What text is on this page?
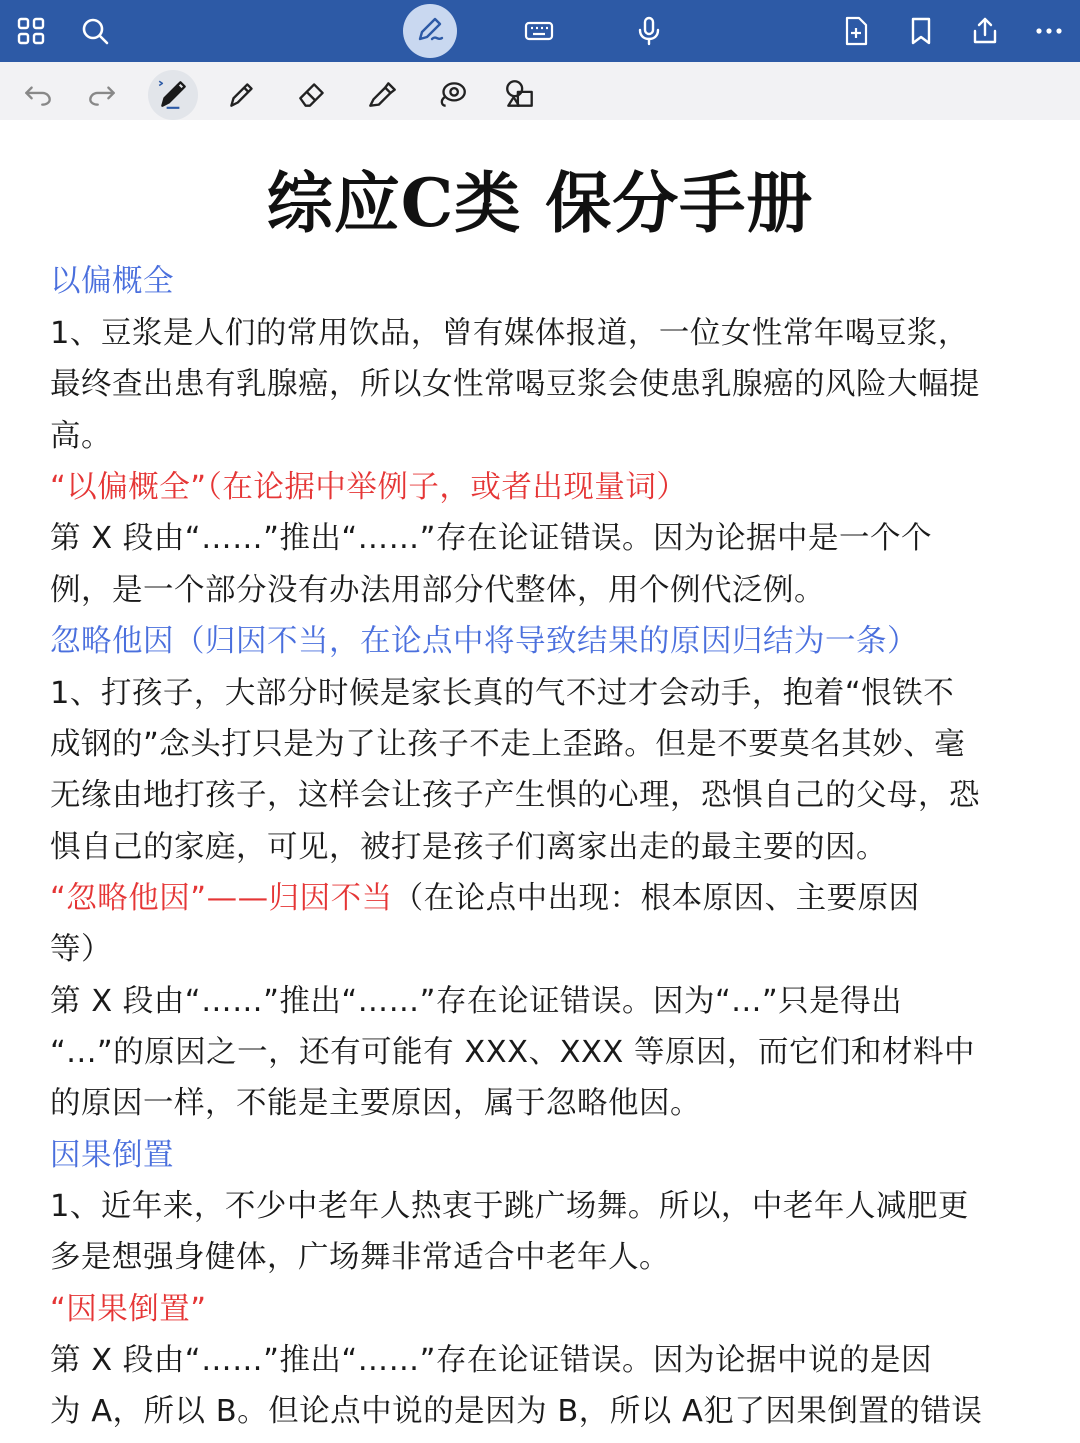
综应C类 保分手册
以偏概全
1、豆浆是人们的常用饮品，曾有媒体报道，一位女性常年喝豆浆，
最终查出患有乳腺癌，所以女性常喝豆浆会使患乳腺癌的风险大幅提
高。
“以偏概全”（在论据中举例子，或者出现量词）
第 X 段由“……”推出“……”存在论证错误。因为论据中是一个个
例，是一个部分没有办法用部分代整体，用个例代泛例。
忽略他因（归因不当，在论点中将导致结果的原因归结为一条）
1、打孩子，大部分时候是家长真的气不过才会动手，抱着“恨铁不
成钢的”念头打只是为了让孩子不走上歪路。但是不要莫名其妙、毫
无缘由地打孩子，这样会让孩子产生惧的心理，恐惧自己的父母，恐
惧自己的家庭，可见，被打是孩子们离家出走的最主要的因。
“忽略他因”——归因不当（在论点中出现：根本原因、主要原因
等）
第 X 段由“……”推出“……”存在论证错误。因为“...”只是得出
“...”的原因之一，还有可能有 XXX、XXX 等原因，而它们和材料中
的原因一样，不能是主要原因，属于忽略他因。
因果倒置
1、近年来，不少中老年人热衷于跳广场舞。所以，中老年人减肥更
多是想强身健体，广场舞非常适合中老年人。
“因果倒置”
第 X 段由“……”推出“……”存在论证错误。因为论据中说的是因
为 A，所以 B。但论点中说的是因为 B，所以 A犯了因果倒置的错误
